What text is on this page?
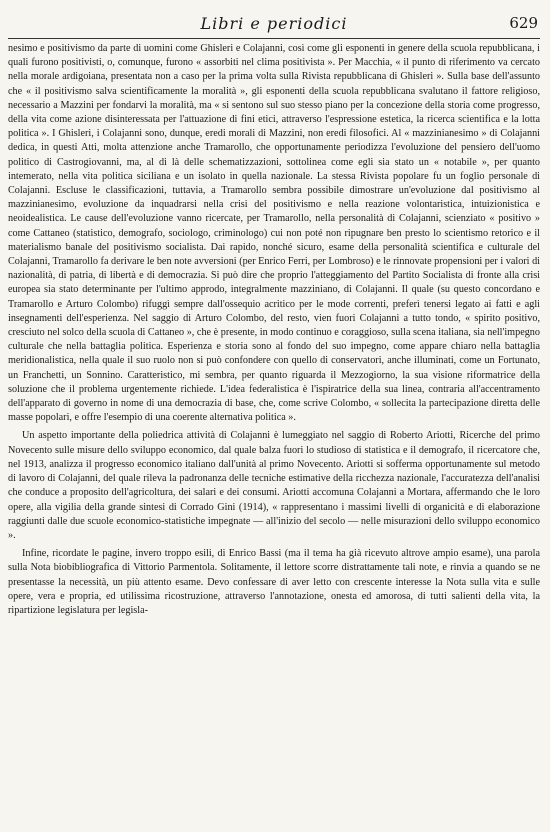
Libri e periodici	629

nesimo e positivismo da parte di uomini come Ghisleri e Colajanni, così come gli esponenti in genere della scuola repubblicana, i quali furono positivisti, o, comunque, furono « assorbiti nel clima positivista ». Per Macchia, « il punto di riferimento va cercato nella morale ardigoiana, presentata non a caso per la prima volta sulla Rivista repubblicana di Ghisleri ». Sulla base dell'assunto che « il positivismo salva scientificamente la moralità », gli esponenti della scuola repubblicana svalutano il fattore religioso, necessario a Mazzini per fondarvi la moralità, ma « si sentono sul suo stesso piano per la concezione della storia come progresso, della vita come azione disinteressata per l'attuazione di fini etici, attraverso l'espressione estetica, la ricerca scientifica e la lotta politica ». I Ghisleri, i Colajanni sono, dunque, eredi morali di Mazzini, non eredi filosofici. Al « mazzinianesimo » di Colajanni dedica, in questi Atti, molta attenzione anche Tramarollo, che opportunamente periodizza l'evoluzione del pensiero dell'uomo politico di Castrogiovanni, ma, al di là delle schematizzazioni, sottolinea come egli sia stato un « notabile », per quanto intemerato, nella vita politica siciliana e un isolato in quella nazionale. La stessa Rivista popolare fu un foglio personale di Colajanni. Escluse le classificazioni, tuttavia, a Tramarollo sembra possibile dimostrare un'evoluzione dal positivismo al mazzinianesimo, evoluzione da inquadrarsi nella crisi del positivismo e nella reazione volontaristica, intuizionistica e neoidealistica. Le cause dell'evoluzione vanno ricercate, per Tramarollo, nella personalità di Colajanni, scienziato « positivo » come Cattaneo (statistico, demografo, sociologo, criminologo) cui non poté non ripugnare ben presto lo scientismo retorico e il materialismo banale del positivismo socialista. Dai rapido, nonché sicuro, esame della personalità scientifica e culturale del Colajanni, Tramarollo fa derivare le ben note avversioni (per Enrico Ferri, per Lombroso) e le rinnovate propensioni per i valori di nazionalità, di patria, di libertà e di democrazia. Si può dire che proprio l'atteggiamento del Partito Socialista di fronte alla crisi europea sia stato determinante per l'ultimo approdo, integralmente mazziniano, di Colajanni. Il quale (su questo concordano e Tramarollo e Arturo Colombo) rifuggì sempre dall'ossequio acritico per le mode correnti, preferì tenersi legato ai fatti e agli insegnamenti dell'esperienza. Nel saggio di Arturo Colombo, del resto, vien fuori Colajanni a tutto tondo, « spirito positivo, cresciuto nel solco della scuola di Cattaneo », che è presente, in modo continuo e coraggioso, sulla scena italiana, sia nell'impegno culturale che nella battaglia politica. Esperienza e storia sono al fondo del suo impegno, come appare chiaro nella battaglia meridionalistica, nella quale il suo ruolo non si può confondere con quello di conservatori, anche illuminati, come un Fortunato, un Franchetti, un Sonnino. Caratteristico, mi sembra, per quanto riguarda il Mezzogiorno, la sua visione riformatrice della soluzione che il problema urgentemente richiede. L'idea federalistica è l'ispiratrice della sua linea, contraria all'accentramento dell'apparato di governo in nome di una democrazia di base, che, come scrive Colombo, « sollecita la partecipazione diretta delle masse popolari, e offre l'esempio di una coerente alternativa politica ».

Un aspetto importante della poliedrica attività di Colajanni è lumeggiato nel saggio di Roberto Ariotti, Ricerche del primo Novecento sulle misure dello sviluppo economico, dal quale balza fuori lo studioso di statistica e il demografo, il ricercatore che, nel 1913, analizza il progresso economico italiano dall'unità al primo Novecento. Ariotti si sofferma opportunamente sul metodo di lavoro di Colajanni, del quale rileva la padronanza delle tecniche estimative della ricchezza nazionale, l'accuratezza dell'analisi che conduce a proposito dell'agricoltura, dei salari e dei consumi. Ariotti accomuna Colajanni a Mortara, affermando che le loro opere, alla vigilia della grande sintesi di Corrado Gini (1914), « rappresentano i massimi livelli di organicità e di elaborazione raggiunti dalle due scuole economico-statistiche impegnate — all'inizio del secolo — nelle misurazioni dello sviluppo economico ».

Infine, ricordate le pagine, invero troppo esili, di Enrico Bassi (ma il tema ha già ricevuto altrove ampio esame), una parola sulla Nota biobibliografica di Vittorio Parmentola. Solitamente, il lettore scorre distrattamente tali note, e rinvia a quando se ne presentasse la necessità, un più attento esame. Devo confessare di aver letto con crescente interesse la Nota sulla vita e sulle opere, vera e propria, ed utilissima ricostruzione, attraverso l'annotazione, onesta ed amorosa, di tutti salienti della vita, la ripartizione legislatura per legisla-
